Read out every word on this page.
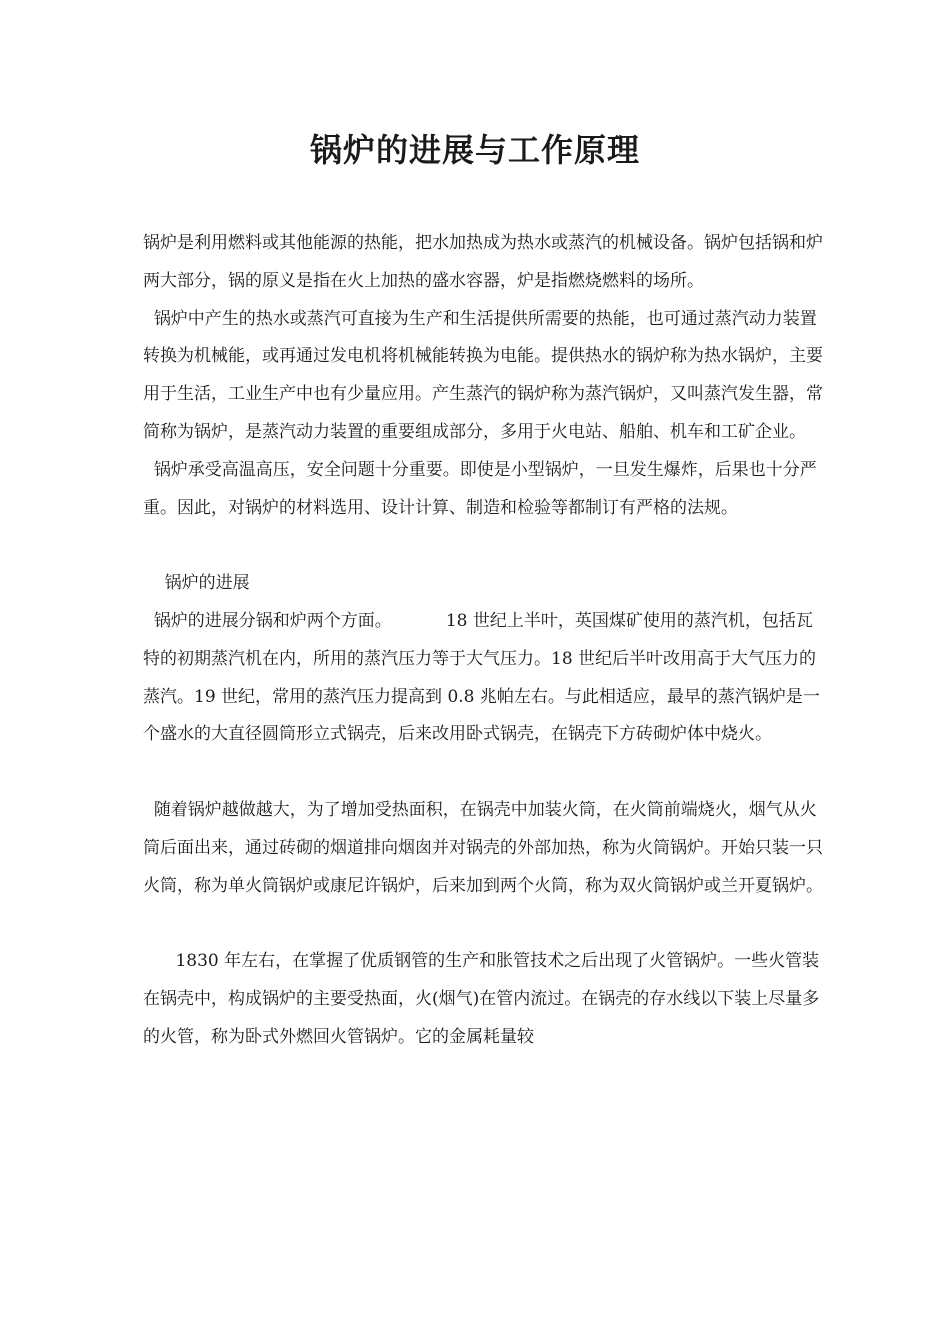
锅炉的进展与工作原理

锅炉是利用燃料或其他能源的热能，把水加热成为热水或蒸汽的机械设备。锅炉包括锅和炉两大部分，锅的原义是指在火上加热的盛水容器，炉是指燃烧燃料的场所。

锅炉中产生的热水或蒸汽可直接为生产和生活提供所需要的热能，也可通过蒸汽动力装置转换为机械能，或再通过发电机将机械能转换为电能。提供热水的锅炉称为热水锅炉，主要用于生活，工业生产中也有少量应用。产生蒸汽的锅炉称为蒸汽锅炉，又叫蒸汽发生器，常简称为锅炉，是蒸汽动力装置的重要组成部分，多用于火电站、船舶、机车和工矿企业。

锅炉承受高温高压，安全问题十分重要。即使是小型锅炉，一旦发生爆炸，后果也十分严重。因此，对锅炉的材料选用、设计计算、制造和检验等都制订有严格的法规。

锅炉的进展

锅炉的进展分锅和炉两个方面。          18 世纪上半叶，英国煤矿使用的蒸汽机，包括瓦特的初期蒸汽机在内，所用的蒸汽压力等于大气压力。18 世纪后半叶改用高于大气压力的蒸汽。19 世纪，常用的蒸汽压力提高到 0.8 兆帕左右。与此相适应，最早的蒸汽锅炉是一个盛水的大直径圆筒形立式锅壳，后来改用卧式锅壳，在锅壳下方砖砌炉体中烧火。

随着锅炉越做越大，为了增加受热面积，在锅壳中加装火筒，在火筒前端烧火，烟气从火筒后面出来，通过砖砌的烟道排向烟囱并对锅壳的外部加热，称为火筒锅炉。开始只装一只火筒，称为单火筒锅炉或康尼许锅炉，后来加到两个火筒，称为双火筒锅炉或兰开夏锅炉。

1830 年左右，在掌握了优质钢管的生产和胀管技术之后出现了火管锅炉。一些火管装在锅壳中，构成锅炉的主要受热面，火(烟气)在管内流过。在锅壳的存水线以下装上尽量多的火管，称为卧式外燃回火管锅炉。它的金属耗量较
